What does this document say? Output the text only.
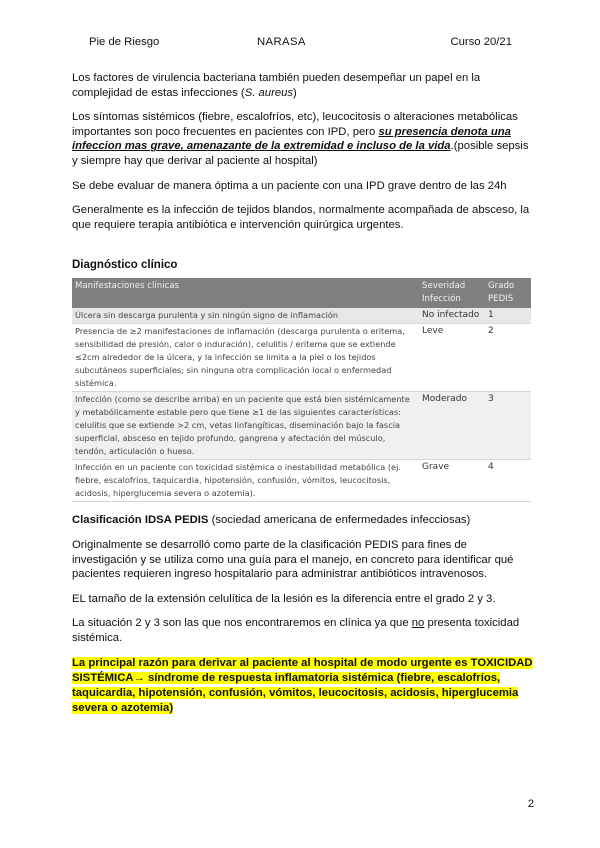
Pie de Riesgo	NARASA	Curso 20/21

Los factores de virulencia bacteriana también pueden desempeñar un papel en la complejidad de estas infecciones (S. aureus)

Los síntomas sistémicos (fiebre, escalofríos, etc), leucocitosis o alteraciones metabólicas importantes son poco frecuentes en pacientes con IPD, pero su presencia denota una infeccion mas grave, amenazante de la extremidad e incluso de la vida.(posible sepsis y siempre hay que derivar al paciente al hospital)

Se debe evaluar de manera óptima a un paciente con una IPD grave dentro de las 24h

Generalmente es la infección de tejidos blandos, normalmente acompañada de absceso, la que requiere terapia antibiótica e intervención quirúrgica urgentes.

Diagnóstico clínico
Manifestaciones clínicas	Severidad Infección	Grado PEDIS
Úlcera sin descarga purulenta y sin ningún signo de inflamación	No infectado	1
Presencia de ≥2 manifestaciones de inflamación (descarga purulenta o eritema, sensibilidad de presión, calor o induración), celulitis / eritema que se extiende ≤2cm alrededor de la úlcera, y la infección se limita a la piel o los tejidos subcutáneos superficiales; sin ninguna otra complicación local o enfermedad sistémica.	Leve	2
Infección (como se describe arriba) en un paciente que está bien sistémicamente y metabólicamente estable pero que tiene ≥1 de las siguientes características: celulitis que se extiende >2 cm, vetas linfangíticas, diseminación bajo la fascia superficial, absceso en tejido profundo, gangrena y afectación del músculo, tendón, articulación o hueso.	Moderado	3
Infección en un paciente con toxicidad sistémica o inestabilidad metabólica (ej. fiebre, escalofríos, taquicardia, hipotensión, confusión, vómitos, leucocitosis, acidosis, hiperglucemia severa o azotemia).	Grave	4

Clasificación IDSA PEDIS (sociedad americana de enfermedades infecciosas)

Originalmente se desarrolló como parte de la clasificación PEDIS para fines de investigación y se utiliza como una guía para el manejo, en concreto para identificar qué pacientes requieren ingreso hospitalario para administrar antibióticos intravenosos.

EL tamaño de la extensión celulítica de la lesión es la diferencia entre el grado 2 y 3.

La situación 2 y 3 son las que nos encontraremos en clínica ya que no presenta toxicidad sistémica.

La principal razón para derivar al paciente al hospital de modo urgente es TOXICIDAD SISTÉMICA→ síndrome de respuesta inflamatoria sistémica (fiebre, escalofríos, taquicardia, hipotensión, confusión, vómitos, leucocitosis, acidosis, hiperglucemia severa o azotemia)

2
